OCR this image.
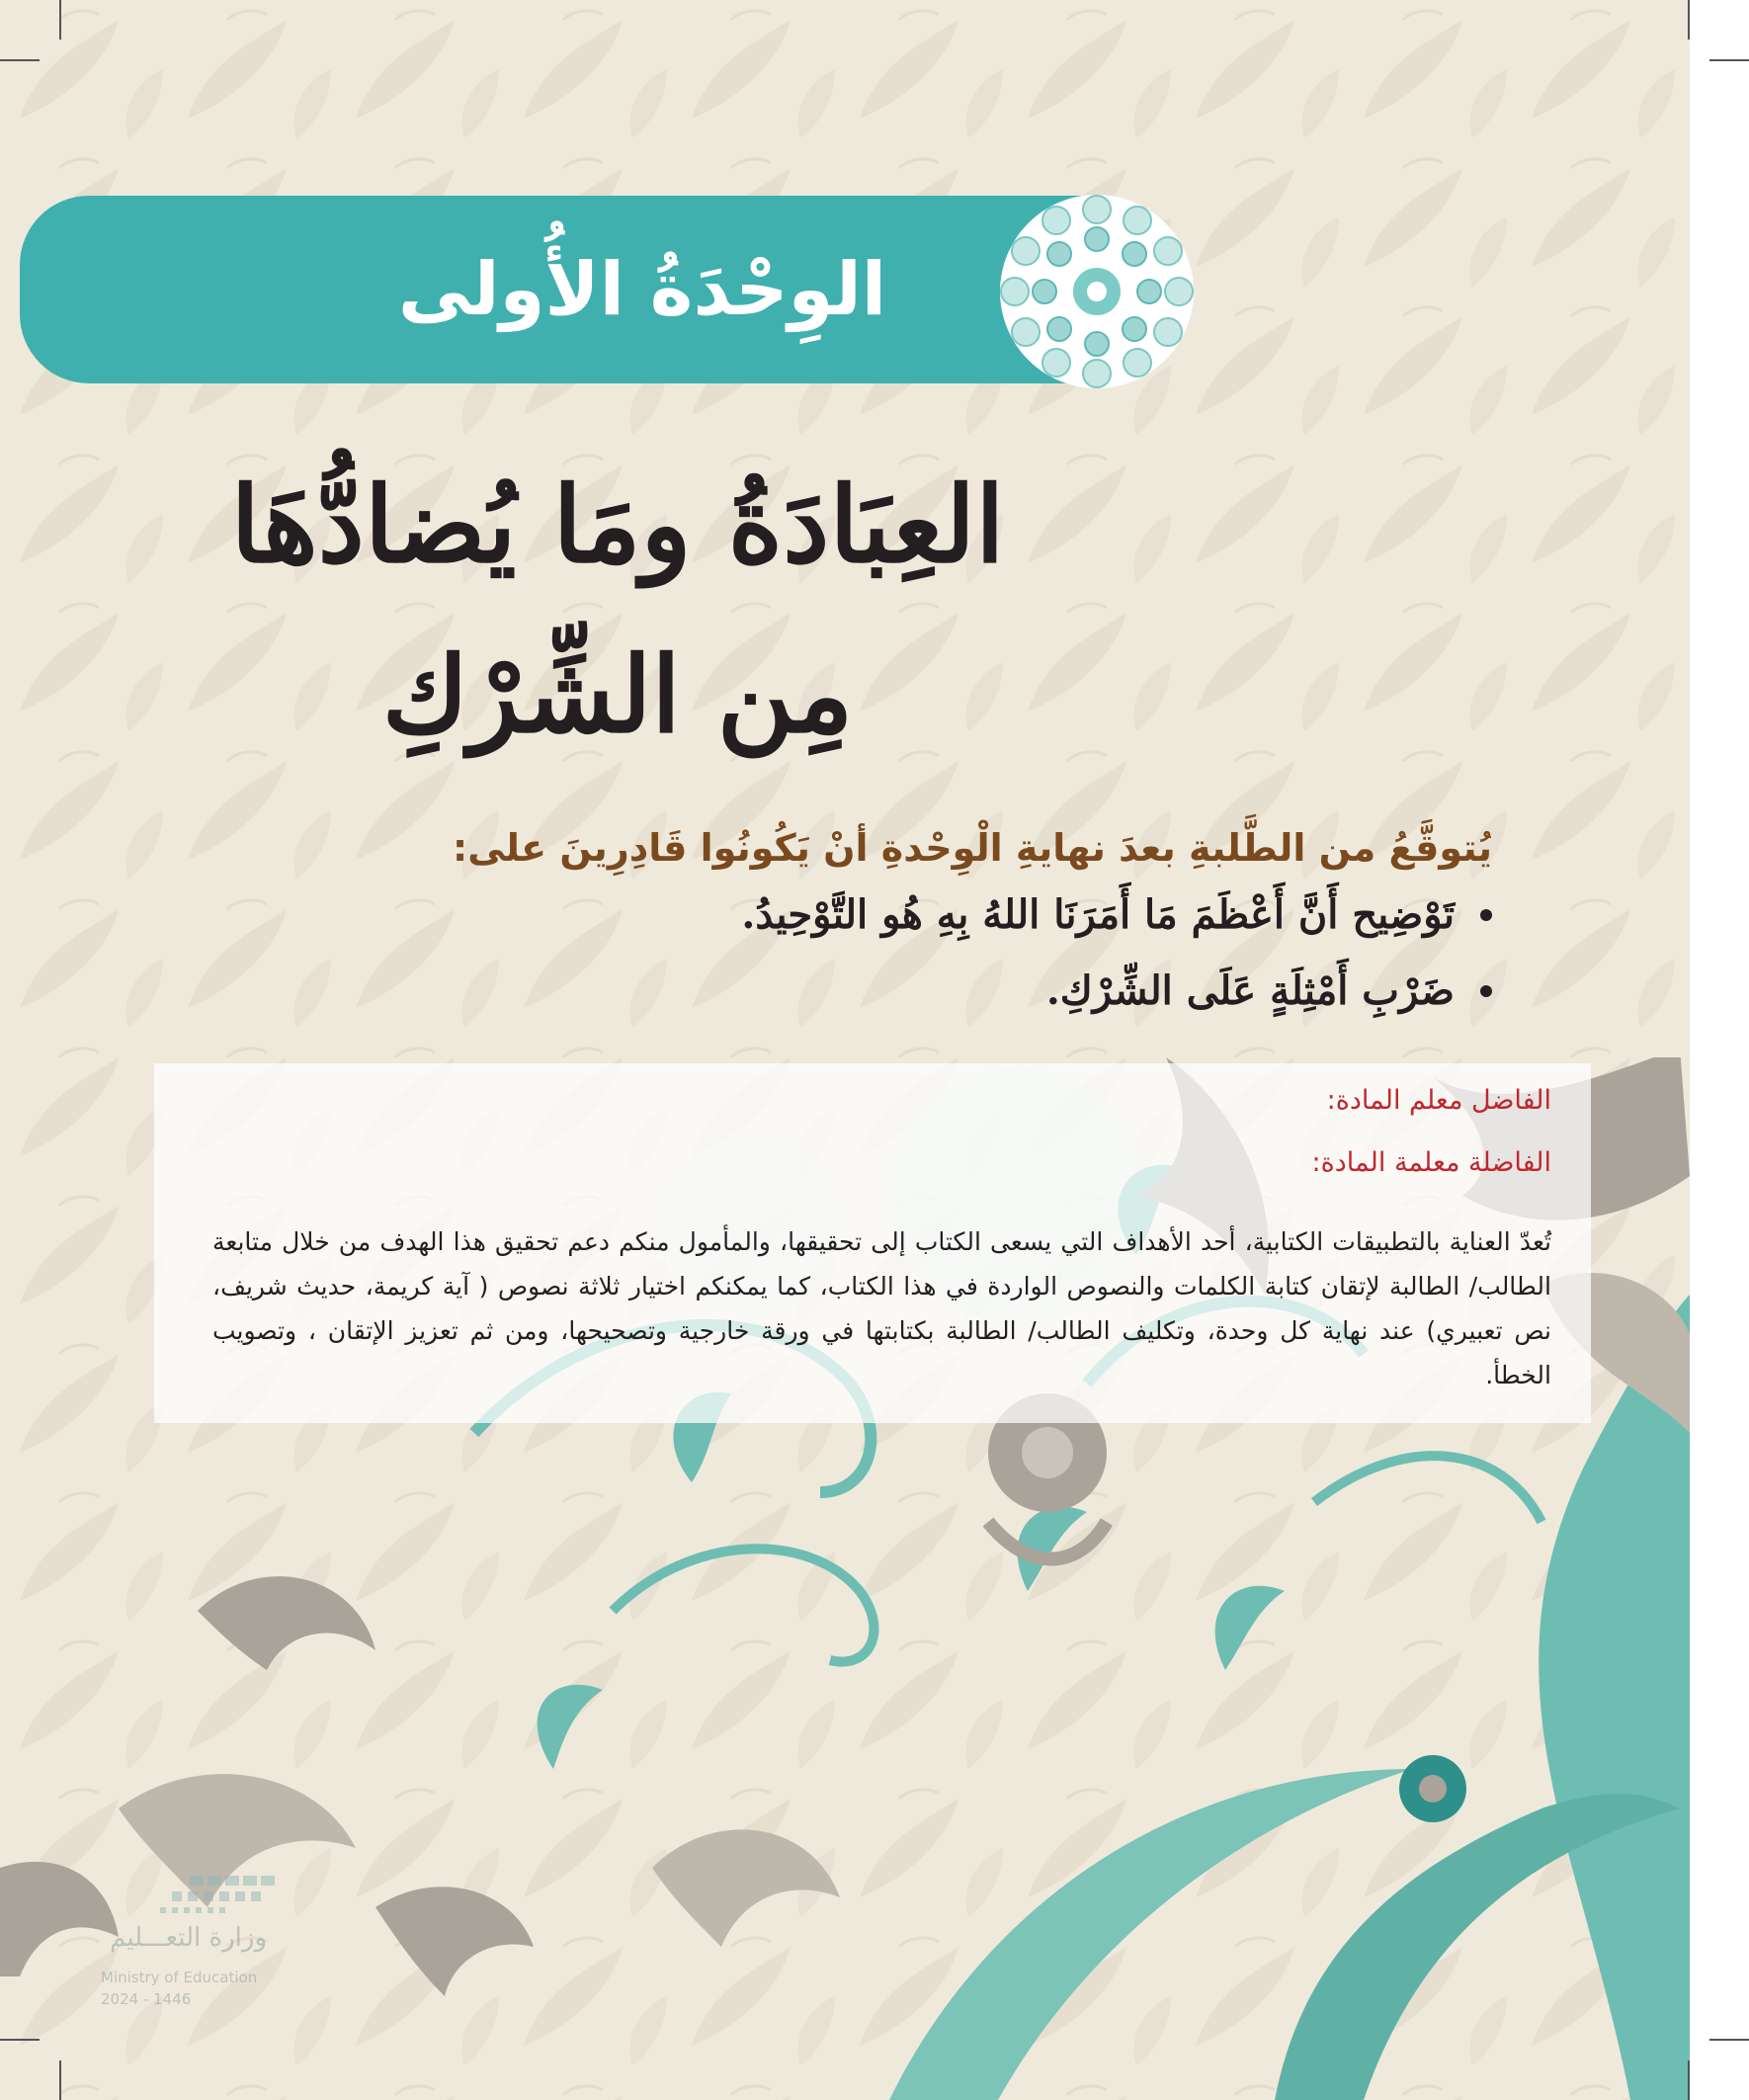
الوِحْدَةُ الأُولى
العِبَادَةُ ومَا يُضادُّهَا
مِن الشِّرْكِ

يُتوقَّعُ من الطَّلبةِ بعدَ نهايةِ الْوِحْدةِ أنْ يَكُونُوا قَادِرِينَ على:

تَوْضِيح أَنَّ أَعْظَمَ مَا أَمَرَنَا اللهُ بِهِ هُو التَّوْحِيدُ.
ضَرْبِ أَمْثِلَةٍ عَلَى الشِّرْكِ.
الفاضل معلم المادة:
الفاضلة معلمة المادة:
تُعدّ العناية بالتطبيقات الكتابية، أحد الأهداف التي يسعى الكتاب إلى تحقيقها، والمأمول منكم دعم تحقيق هذا الهدف من خلال متابعة الطالب/ الطالبة لإتقان كتابة الكلمات والنصوص الواردة في هذا الكتاب، كما يمكنكم اختيار ثلاثة نصوص ( آية كريمة، حديث شريف، نص تعبيري) عند نهاية كل وحدة، وتكليف الطالب/ الطالبة بكتابتها في ورقة خارجية وتصحيحها، ومن ثم تعزيز الإتقان ، وتصويب الخطأ.
وزارة التعـــليم
Ministry of Education
2024 - 1446
